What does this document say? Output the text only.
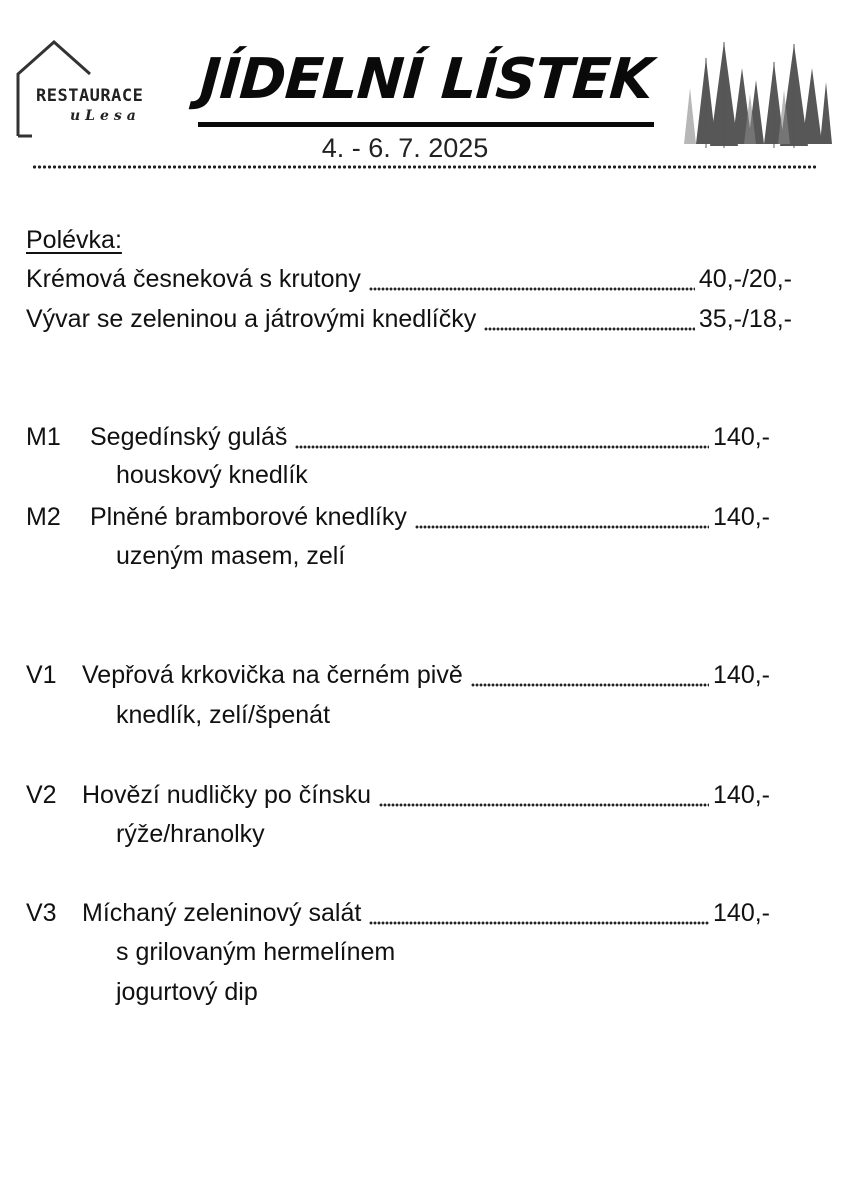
RESTAURACE
uLesa
JÍDELNÍ LÍSTEK
4. - 6. 7. 2025
Polévka:
Krémová česneková s krutony	40,-/20,-
Vývar se zeleninou a játrovými knedlíčky	35,-/18,-
M1	Segedínský guláš	140,-
houskový knedlík
M2	Plněné bramborové knedlíky	140,-
uzeným masem, zelí
V1	Vepřová krkovička na černém pivě	140,-
knedlík, zelí/špenát
V2	Hovězí nudličky po čínsku	140,-
rýže/hranolky
V3	Míchaný zeleninový salát	140,-
s grilovaným hermelínem
jogurtový dip
